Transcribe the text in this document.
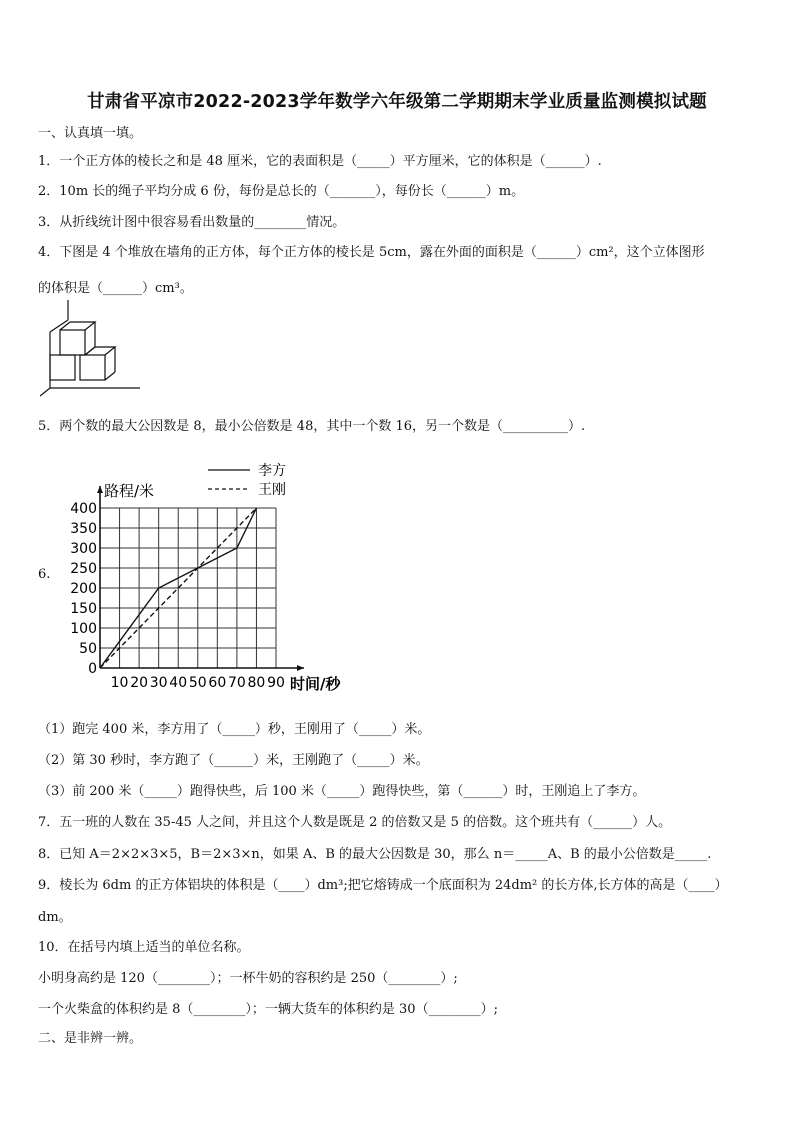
甘肃省平凉市2022-2023学年数学六年级第二学期期末学业质量监测模拟试题
一、认真填一填。
1．一个正方体的棱长之和是 48 厘米，它的表面积是（_____）平方厘米，它的体积是（______）.
2．10m 长的绳子平均分成 6 份，每份是总长的（_______），每份长（______）m。
3．从折线统计图中很容易看出数量的________情况。
4．下图是 4 个堆放在墙角的正方体，每个正方体的棱长是 5cm，露在外面的面积是（______）cm²，这个立体图形
的体积是（______）cm³。
5．两个数的最大公因数是 8，最小公倍数是 48，其中一个数 16，另一个数是（__________）.
6.
0
50
100
150
200
250
300
350
400
10 20 30 40 50 60 70 80 90
路程/米
时间/秒
李方
王刚
（1）跑完 400 米，李方用了（_____）秒，王刚用了（_____）米。
（2）第 30 秒时，李方跑了（______）米，王刚跑了（_____）米。
（3）前 200 米（_____）跑得快些，后 100 米（_____）跑得快些，第（______）时，王刚追上了李方。
7．五一班的人数在 35-45 人之间，并且这个人数是既是 2 的倍数又是 5 的倍数。这个班共有（______）人。
8．已知 A＝2×2×3×5，B＝2×3×n，如果 A、B 的最大公因数是 30，那么 n＝_____A、B 的最小公倍数是_____.
9．棱长为 6dm 的正方体铝块的体积是（____）dm³;把它熔铸成一个底面积为 24dm² 的长方体,长方体的高是（____）
dm。
10．在括号内填上适当的单位名称。
小明身高约是 120（________）；一杯牛奶的容积约是 250（________）;
一个火柴盒的体积约是 8（________）；一辆大货车的体积约是 30（________）;
二、是非辨一辨。
